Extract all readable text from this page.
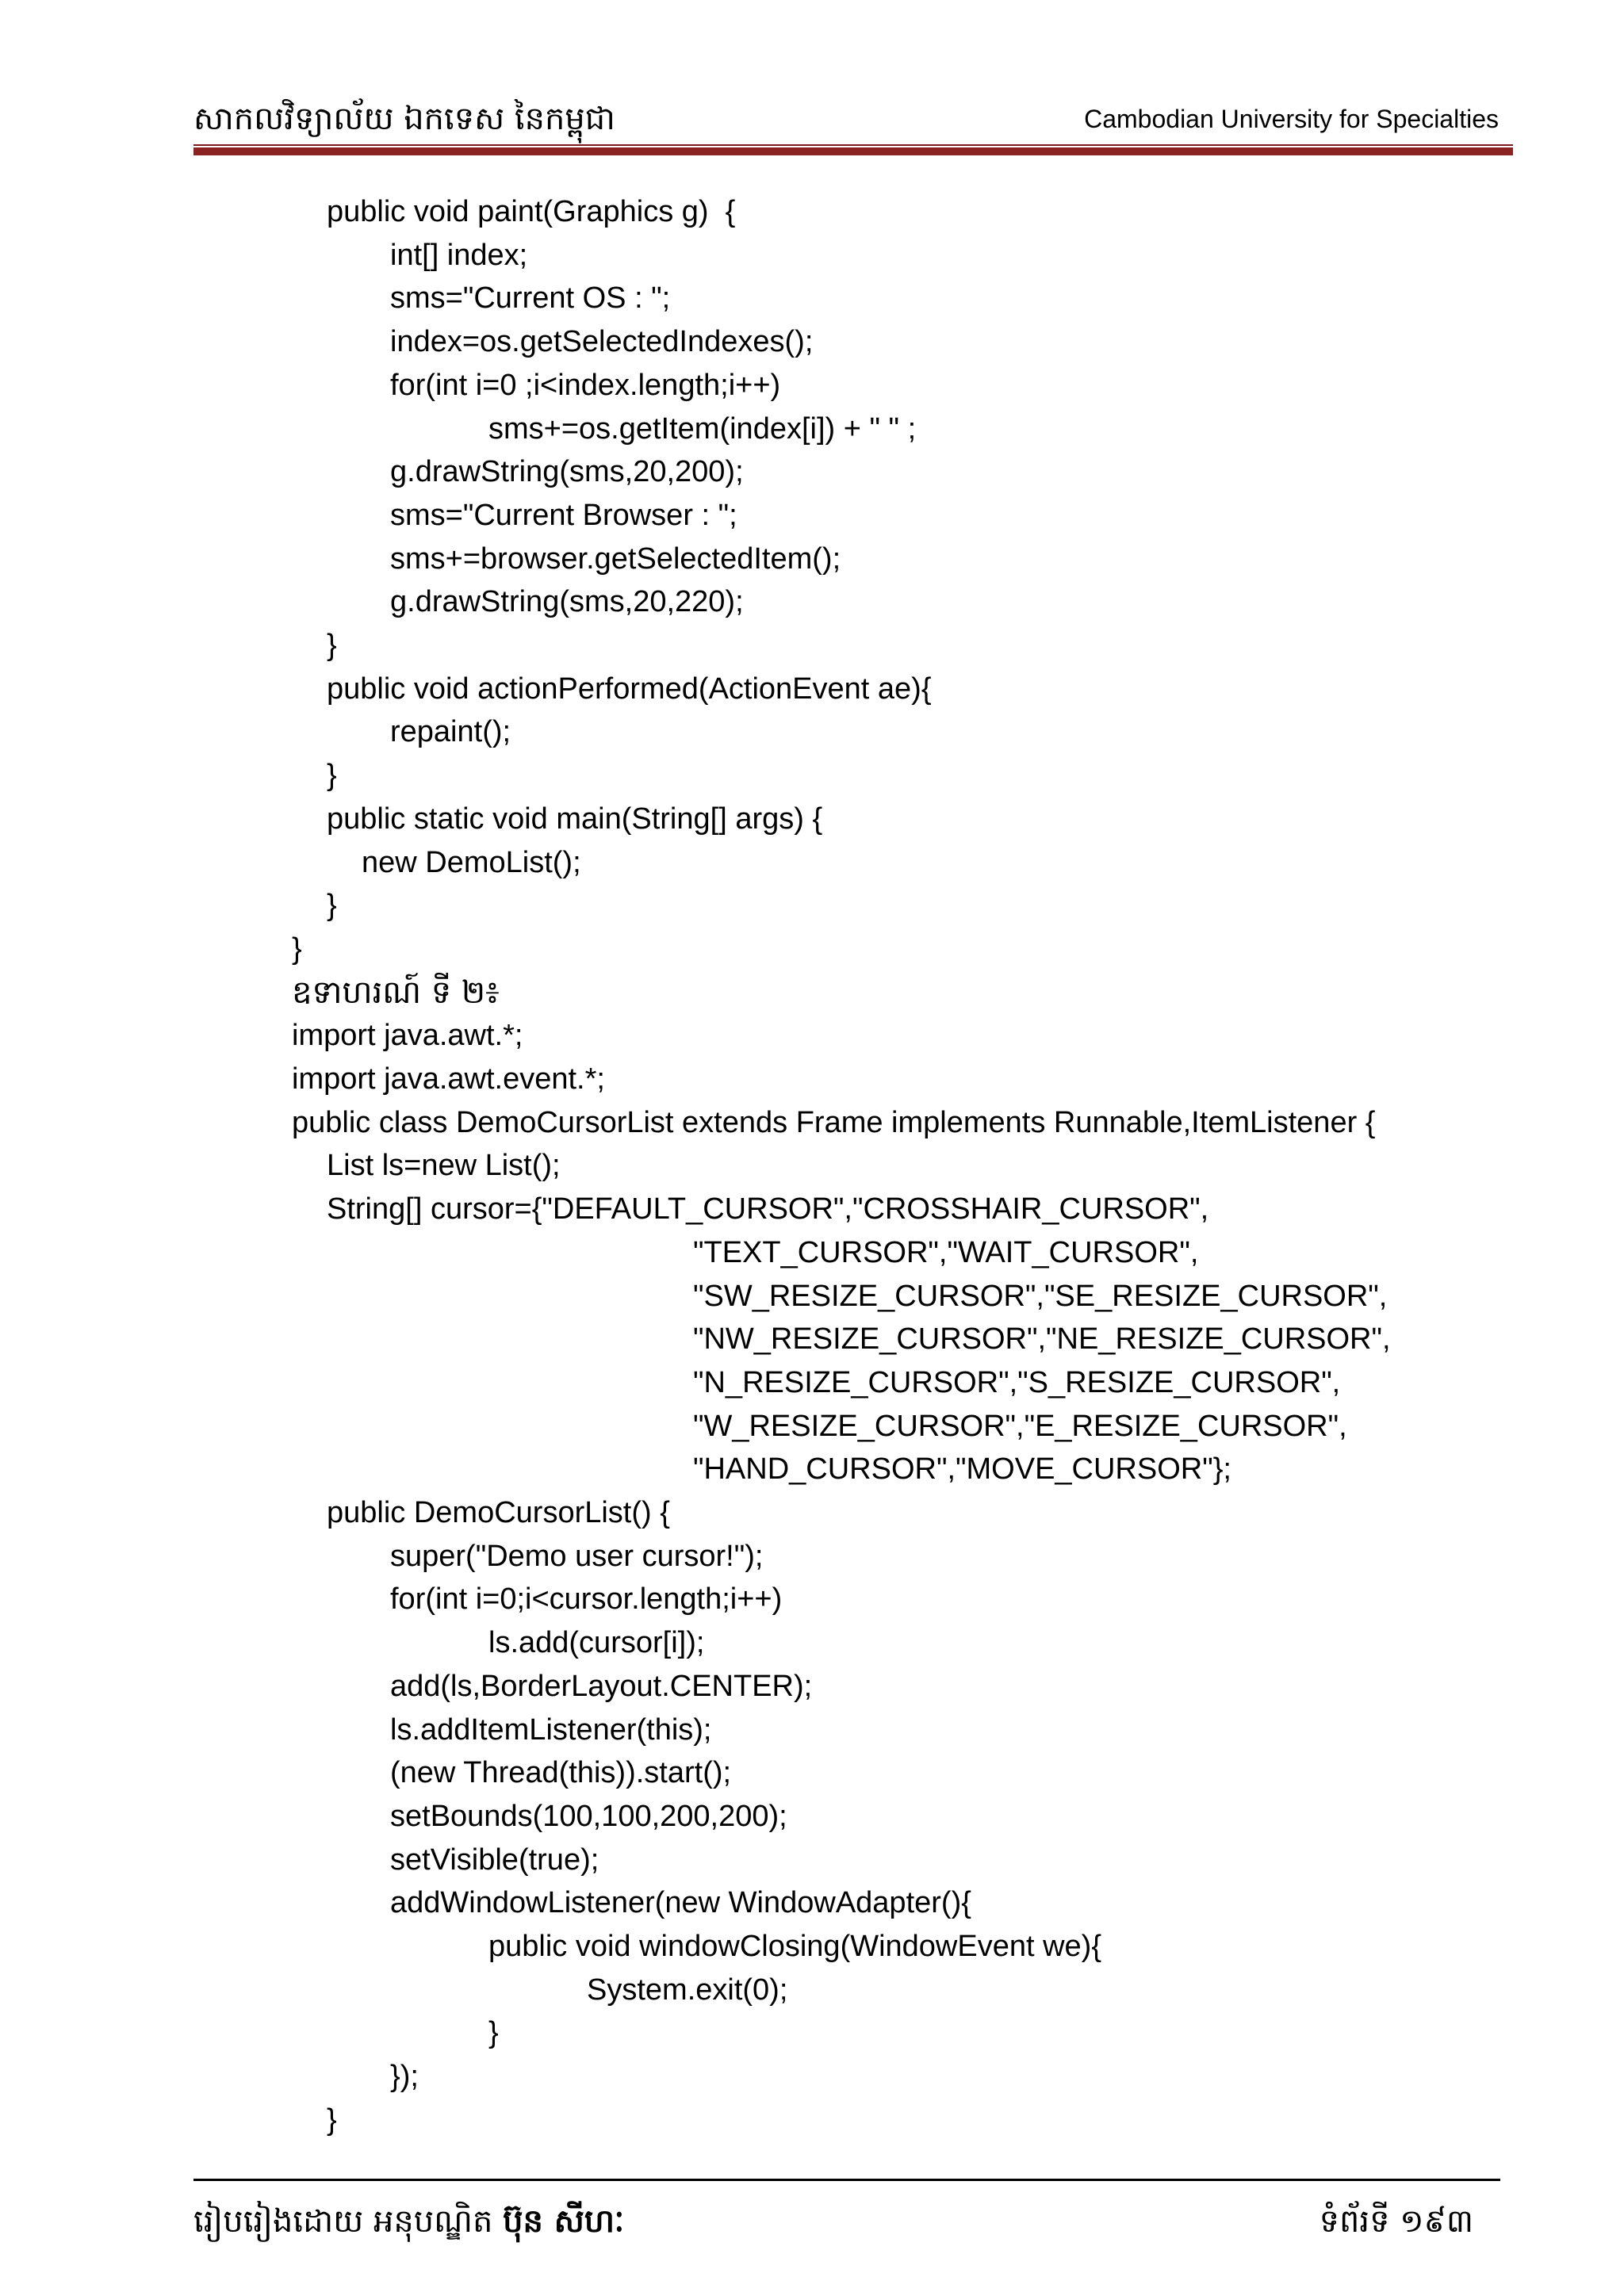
សាកលវិទ្យាល័យ ឯកទេស នៃកម្ពុជា	Cambodian University for Specialties
public void paint(Graphics g)  {
int[] index;
sms="Current OS : ";
index=os.getSelectedIndexes();
for(int i=0 ;i<index.length;i++)
sms+=os.getItem(index[i]) + " " ;
g.drawString(sms,20,200);
sms="Current Browser : ";
sms+=browser.getSelectedItem();
g.drawString(sms,20,220);
}
public void actionPerformed(ActionEvent ae){
repaint();
}
public static void main(String[] args) {
new DemoList();
}
}
ឧទាហរណ៍ ទី ២៖
import java.awt.*;
import java.awt.event.*;
public class DemoCursorList extends Frame implements Runnable,ItemListener {
List ls=new List();
String[] cursor={"DEFAULT_CURSOR","CROSSHAIR_CURSOR",
"TEXT_CURSOR","WAIT_CURSOR",
"SW_RESIZE_CURSOR","SE_RESIZE_CURSOR",
"NW_RESIZE_CURSOR","NE_RESIZE_CURSOR",
"N_RESIZE_CURSOR","S_RESIZE_CURSOR",
"W_RESIZE_CURSOR","E_RESIZE_CURSOR",
"HAND_CURSOR","MOVE_CURSOR"};
public DemoCursorList() {
super("Demo user cursor!");
for(int i=0;i<cursor.length;i++)
ls.add(cursor[i]);
add(ls,BorderLayout.CENTER);
ls.addItemListener(this);
(new Thread(this)).start();
setBounds(100,100,200,200);
setVisible(true);
addWindowListener(new WindowAdapter(){
public void windowClosing(WindowEvent we){
System.exit(0);
}
});
}
រៀបរៀងដោយ អនុបណ្ឌិត ប៊ុន សីហៈ	ទំព័រទី ១៩៣
